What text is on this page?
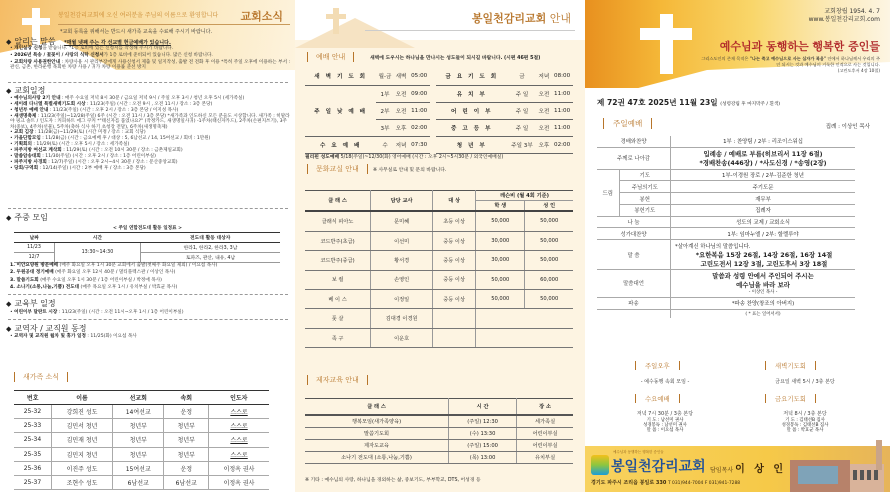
봉일천감리교회에 오신 여러분을 주님의 이름으로 환영합니다	교회소식
*교회 등록을 위해서는 반드시 새가족 교육을 수료해 주시기 바랍니다.
◆ 알리는 말씀 *매월 넷째 주는 각 선교별 헌금예배가 있습니다.
• 개인실장 신청을 받습니다. *1층 로비에 있는 신청서를 작성해 주시기 바랍니다.
• 2026년 특송 / 꽃꽂이 / 사랑의 식탁 신청서가 1층 로비에 준비되어 있습니다. 많은 신청 바랍니다.
• 교회차량 사용권한안내 : 차량사용 시 관리부장에게 사용신청서 제출 및 일지작성, 출발 전 전화 후 이용 *특히 주일 오후에 이용하는 부서 : 관신, 금촌, 한라운행 목회한 차량 사용 / 귀가 차량 이용률 준선 방지
◆ 교회일정
• 예수님의사랑 2기 안내 : 매주 수요일 저녁 8시 30분 / 금요일 저녁 9시 / 주일 오후 3시 / 청년 오후 5시 (세가족실)
• 세이레 다니엘 특별새벽기도회 시상 : 11/23(주일) (시간 : 오전 9시 , 오전 11시 / 장소 : 3층 본당)
• 청년부 예배 안내 : 11/23(주일) (시간 : 오후 2시 / 장소 : 3층 본당 / 이지성 목사)
• 새생명축제 : 11/23(주일)~12/28(주일) 6주 (시간 : 오전 11시 / 3층 본당) *새가족과 인도하신 모든 분들도 시상합니다. 새가족 : 히말라야 핑크 솔트 / 인도자 : 커피하트 에그 쿠커 *"태신자를 품었나요?" (작정카드, 새생명일사귀) -1주차(태신자카드), 2주차(손편지쓰기), 3주차(중보), 4주차(선물), 5주차(축하 식사 하기 초청장 전달), 6주차(새생명축제)
• 교회 김장 : 11/28(금)~11/29(토) (시간 미정 / 장소 : 교회 식당)
• 가을단합모임 : 11/28(금) (시간 : 금요예배 후 / 대상 : 5, 6남선교 / 14, 15여선교 / 회비 : 1만원)
• 기획회의 : 11/29(토) (시간 : 오후 5시 / 장소 : 세가족실)
• 파주지방 여선교 계삭회 : 11/29(토) (시간 : 오전 10시 30분 / 장소 : 금촌제일교회)
• 말씀암송대회 : 11/30(주일) (시간 : 오후 2시 / 장소 : 1층 어린이부실)
• 파주지방 사경회 : 12/7(주일) (시간 : 오후 2시~4시 30분 / 장소 : 문산중앙교회)
• 당회/구역회 : 12/14(주일) (시간 : 2부 예배 후 / 장소 : 3층 본당)
◆ 주중 모임
< 주일 연합전도대 활동 일정표 >
날짜	시간	전도대 활동 대상자
11/23	13:30~14:30	한라1, 한라2, 한라3, 3남
12/7		토파즈, 관산, 내유, 4남
1. 이안요양원 방문예배 (매주 화요일 오후 1시 30분 교회에서 출발(첫째주 화요일 제외) / 이요섭 목사)
2. 두원공대 정기예배 (매주 화요일 오후 12시 40분 / 멀티플렉스관 / 이상인 목사)
3. 말씀기도회 (매주 수요일 오후 1시 30분 / 1층 어린이부실 / 박정애 목사)
4. 소나기(소통,나눔,기쁨) 전도대 (매주 목요일 오후 1시 / 유치부실 / 박효균 목사)
◆ 교육부 일정
• 어린이부 달란트 시장 : 11/23(주일) (시간 : 오전 11시~오후 1시 / 1층 어린이부실)
◆ 교역자 / 교직원 동정
• 교역자 및 교직원 월차 및 휴가 일정 : 11/25(화) 이요섭 목사
새가족 소식
번호	이름	선교회	속회	인도자
25-32	강희진 성도	14여선교	운정	스스로
25-33	김민서 청년	청년부	청년부	스스로
25-34	김민재 청년	청년부	청년부	스스로
25-35	김민지 청년	청년부	청년부	스스로
25-36	이진주 성도	15여선교	운정	이정옥 권사
25-37	조현수 성도	6남선교	6남선교	이정옥 권사
봉일천감리교회 안내
예배 안내	새벽에 도우시는 하나님을 만나시는 성도들이 되시길 바랍니다. (시편 46편 5절)
새 벽 기 도 회	월-금	새벽	05:00		금 요 기 도 회	금	저녁	08:00
주 일 낮 예 배	1부	오전	09:00		유 치 부	주 일	오전	11:00
	2부	오전	11:00		어 린 이 부	주 일	오전	11:00
	3부	오후	02:00		중 고 등 부	주 일	오전	11:00
수 요 예 배	수	저녁	07:30		청 년 부	주일 3부	오후	02:00
필리핀 성도예배 5/18(주일)~12/30(화) 영어예배 (시간 : 오후 2시~5시30분 / 외국인예배실)
문화교실 안내	※ 사무실로 안내 및 문의 바랍니다.
클 래 스	담당 교사	대 상	레슨비 (월 4회 기준)	
			학 생	성 인

클래식 피아노	문미혜	초등 이상	50,000	50,000
코드반주(초급)	이선미	중등 이상	30,000	50,000
코드반주(중급)	황서경	중등 이상	30,000	50,000
보 컬	손영인	중등 이상	50,000	60,000
베 이 스	이정일	중등 이상	50,000	50,000
풋 살	김대경 이경원			
족 구	이운호			
제자교육 안내
클 래 스	시 간	장 소
행복모임(새가족양육)	(주일) 12:30	세가족실
말씀기도회	(수) 13:30	어린이부실
제자도교육	(주일) 15:00	어린이부실
소나기 전도대 (소통,나눔,기쁨)	(목) 13:00	유치부실
※ 기타 : 예수님의 사랑, 하나님을 경외하는 삶, 중보기도, 부부학교, DTS, 어성경 등
교회창립 1954. 4. 7
www.봉일천감리교회.com
예수님과 동행하는 행복한 증인들
그리스도인의 존재 목적은 "나는 죽고 예수님으로 사는 십자가 복음" 안에서 하나님께서 우리의 주인 되시는 것과 예수님의 거룩한 인격으로 사는 것입니다.
(고린도후서 4장 10절)
제 72권 47호 2025년 11월 23일 (성령강림 후 마지막주 / 흰색)
주일예배	집례 : 이상인 목사
경배와찬양		1부 : 찬양팀 / 2부 : 리조이스워십
주께로 나아감		입례송 / 예배로 부름(히브리서 11장 6절)
*경배찬송(446장) / *사도신경 / *송영(2장)

드림	기도	1부-이경원 장로 / 2부-김준한 청년
	주님의기도	주기도문
	봉헌	재무부
	봉헌기도	집례자
나 눔		성도의 교제 / 교회소식
성가대찬양		1부: 임마누엘 / 2부: 할렐루야
말 씀		*살아계신 하나님의 말씀입니다.
*요한복음 15장 26절, 14장 26절, 16장 14절
고린도전서 12장 3절, 고린도후서 3장 18절

말씀대언		말씀과 성령 안에서 주인되어 주시는
예수님을 바라 보라
- 이상인 목사 -

파송		*파송 찬양(창조의 아버지)
		( * 표는 일어서서)
주일오후
- 예수동행 속회 모임 -
새벽기도회
금요일 새벽 5시 / 3층 본당
수요예배
저녁 7시 30분 / 3층 본당
기 도 : 남선미 권사
성경봉독 : 남선미 권사
말 씀 : 이요섭 목사
금요기도회
저녁 8시 / 3층 본당
기 도 : 김태선B 집사
성경봉독 : 김태선B 집사
말 씀 : 박효균 목사
예수님과 동행하는 행복한 증인들
봉일천감리교회 담임목사 이 상 인
경기도 파주시 조리읍 봉일로 330 T 031)944-7004 F 031)941-7288
